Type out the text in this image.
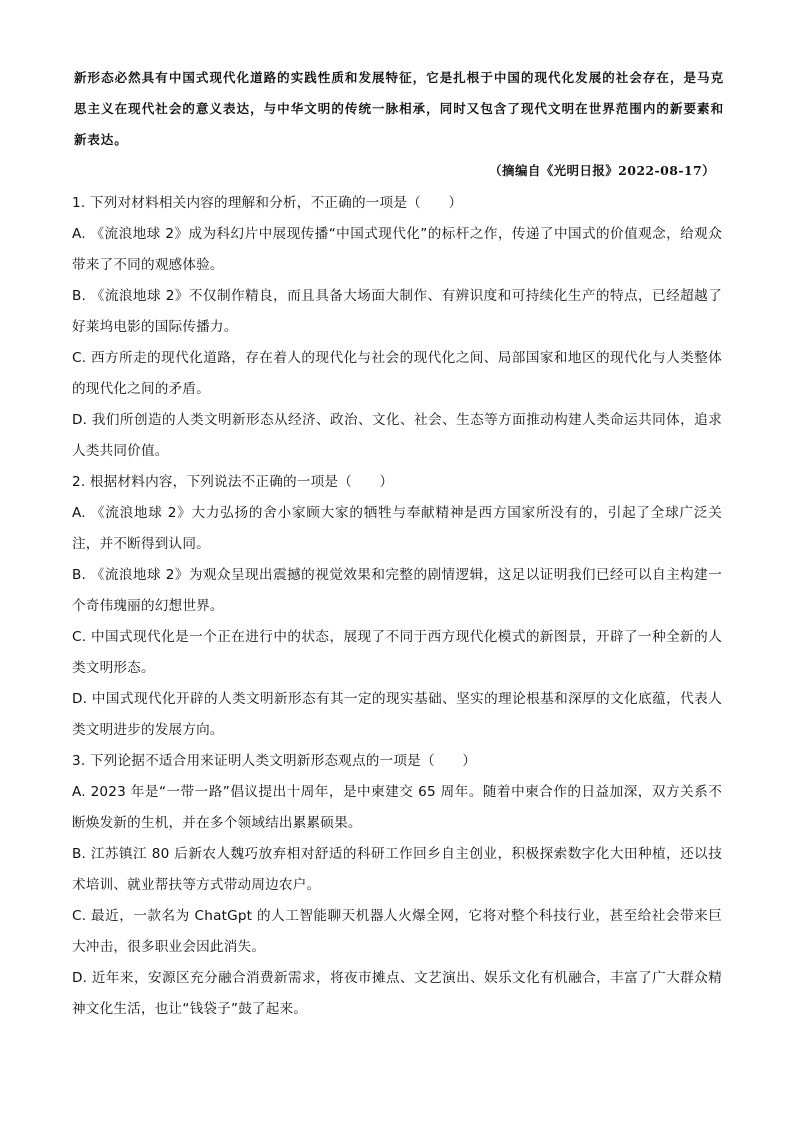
新形态必然具有中国式现代化道路的实践性质和发展特征，它是扎根于中国的现代化发展的社会存在，是马克思主义在现代社会的意义表达，与中华文明的传统一脉相承，同时又包含了现代文明在世界范围内的新要素和新表达。
（摘编自《光明日报》2022-08-17）

1. 下列对材料相关内容的理解和分析，不正确的一项是（　　）

A. 《流浪地球 2》成为科幻片中展现传播“中国式现代化”的标杆之作，传递了中国式的价值观念，给观众带来了不同的观感体验。

B. 《流浪地球 2》不仅制作精良，而且具备大场面大制作、有辨识度和可持续化生产的特点，已经超越了好莱坞电影的国际传播力。

C. 西方所走的现代化道路，存在着人的现代化与社会的现代化之间、局部国家和地区的现代化与人类整体的现代化之间的矛盾。

D. 我们所创造的人类文明新形态从经济、政治、文化、社会、生态等方面推动构建人类命运共同体，追求人类共同价值。

2. 根据材料内容，下列说法不正确的一项是（　　）

A. 《流浪地球 2》大力弘扬的舍小家顾大家的牺牲与奉献精神是西方国家所没有的，引起了全球广泛关注，并不断得到认同。

B. 《流浪地球 2》为观众呈现出震撼的视觉效果和完整的剧情逻辑，这足以证明我们已经可以自主构建一个奇伟瑰丽的幻想世界。

C. 中国式现代化是一个正在进行中的状态，展现了不同于西方现代化模式的新图景，开辟了一种全新的人类文明形态。

D. 中国式现代化开辟的人类文明新形态有其一定的现实基础、坚实的理论根基和深厚的文化底蕴，代表人类文明进步的发展方向。

3. 下列论据不适合用来证明人类文明新形态观点的一项是（　　）

A. 2023 年是“一带一路”倡议提出十周年，是中柬建交 65 周年。随着中柬合作的日益加深，双方关系不断焕发新的生机，并在多个领域结出累累硕果。

B. 江苏镇江 80 后新农人魏巧放弃相对舒适的科研工作回乡自主创业，积极探索数字化大田种植，还以技术培训、就业帮扶等方式带动周边农户。

C. 最近，一款名为 ChatGpt 的人工智能聊天机器人火爆全网，它将对整个科技行业，甚至给社会带来巨大冲击，很多职业会因此消失。

D. 近年来，安源区充分融合消费新需求，将夜市摊点、文艺演出、娱乐文化有机融合，丰富了广大群众精神文化生活，也让“钱袋子”鼓了起来。
